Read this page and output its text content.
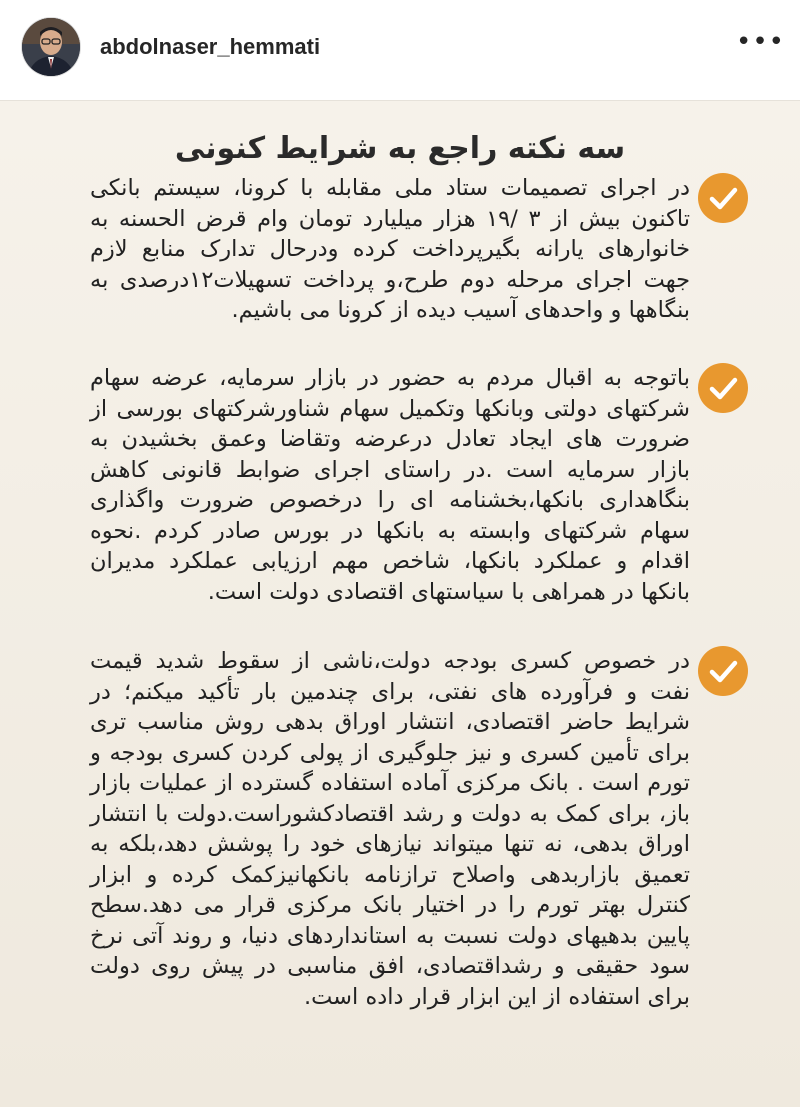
abdolnaser_hemmati	•••
سه نکته راجع به شرایط کنونی

در اجرای تصمیمات ستاد ملی مقابله با کرونا، سیستم بانکی تاکنون بیش از ۳ /۱۹ هزار میلیارد تومان وام قرض الحسنه به خانوارهای یارانه بگیرپرداخت کرده ودرحال تدارک منابع لازم جهت اجرای مرحله دوم طرح،و پرداخت تسهیلات۱۲درصدی به بنگاهها و واحدهای آسیب دیده از کرونا می باشیم.

باتوجه به اقبال مردم به حضور در بازار سرمایه، عرضه سهام شرکتهای دولتی وبانکها وتکمیل سهام شناورشرکتهای بورسی از ضرورت های ایجاد تعادل درعرضه وتقاضا وعمق بخشیدن به بازار سرمایه است .در راستای اجرای ضوابط قانونی کاهش بنگاهداری بانکها،بخشنامه ای را درخصوص ضرورت واگذاری سهام شرکتهای وابسته به بانکها در بورس صادر کردم .نحوه اقدام و عملکرد بانکها، شاخص مهم ارزیابی عملکرد مدیران بانکها در همراهی با سیاستهای اقتصادی دولت است.

در خصوص کسری بودجه دولت،ناشی از سقوط شدید قیمت نفت و فرآورده های نفتی، برای چندمین بار تأکید میکنم؛ در شرایط حاضر اقتصادی، انتشار اوراق بدهی روش مناسب تری برای تأمین کسری و نیز جلوگیری از پولی کردن کسری بودجه و تورم است . بانک مرکزی آماده استفاده گسترده از عملیات بازار باز، برای کمک به دولت و رشد اقتصادکشوراست.دولت با انتشار اوراق بدهی، نه تنها میتواند نیازهای خود را پوشش دهد،بلکه به تعمیق بازاربدهی واصلاح ترازنامه بانکهانیزکمک کرده و ابزار کنترل بهتر تورم را در اختیار بانک مرکزی قرار می دهد.سطح پایین بدهیهای دولت نسبت به استانداردهای دنیا، و روند آتی نرخ سود حقیقی و رشداقتصادی، افق مناسبی در پیش روی دولت برای استفاده از این ابزار قرار داده است.
